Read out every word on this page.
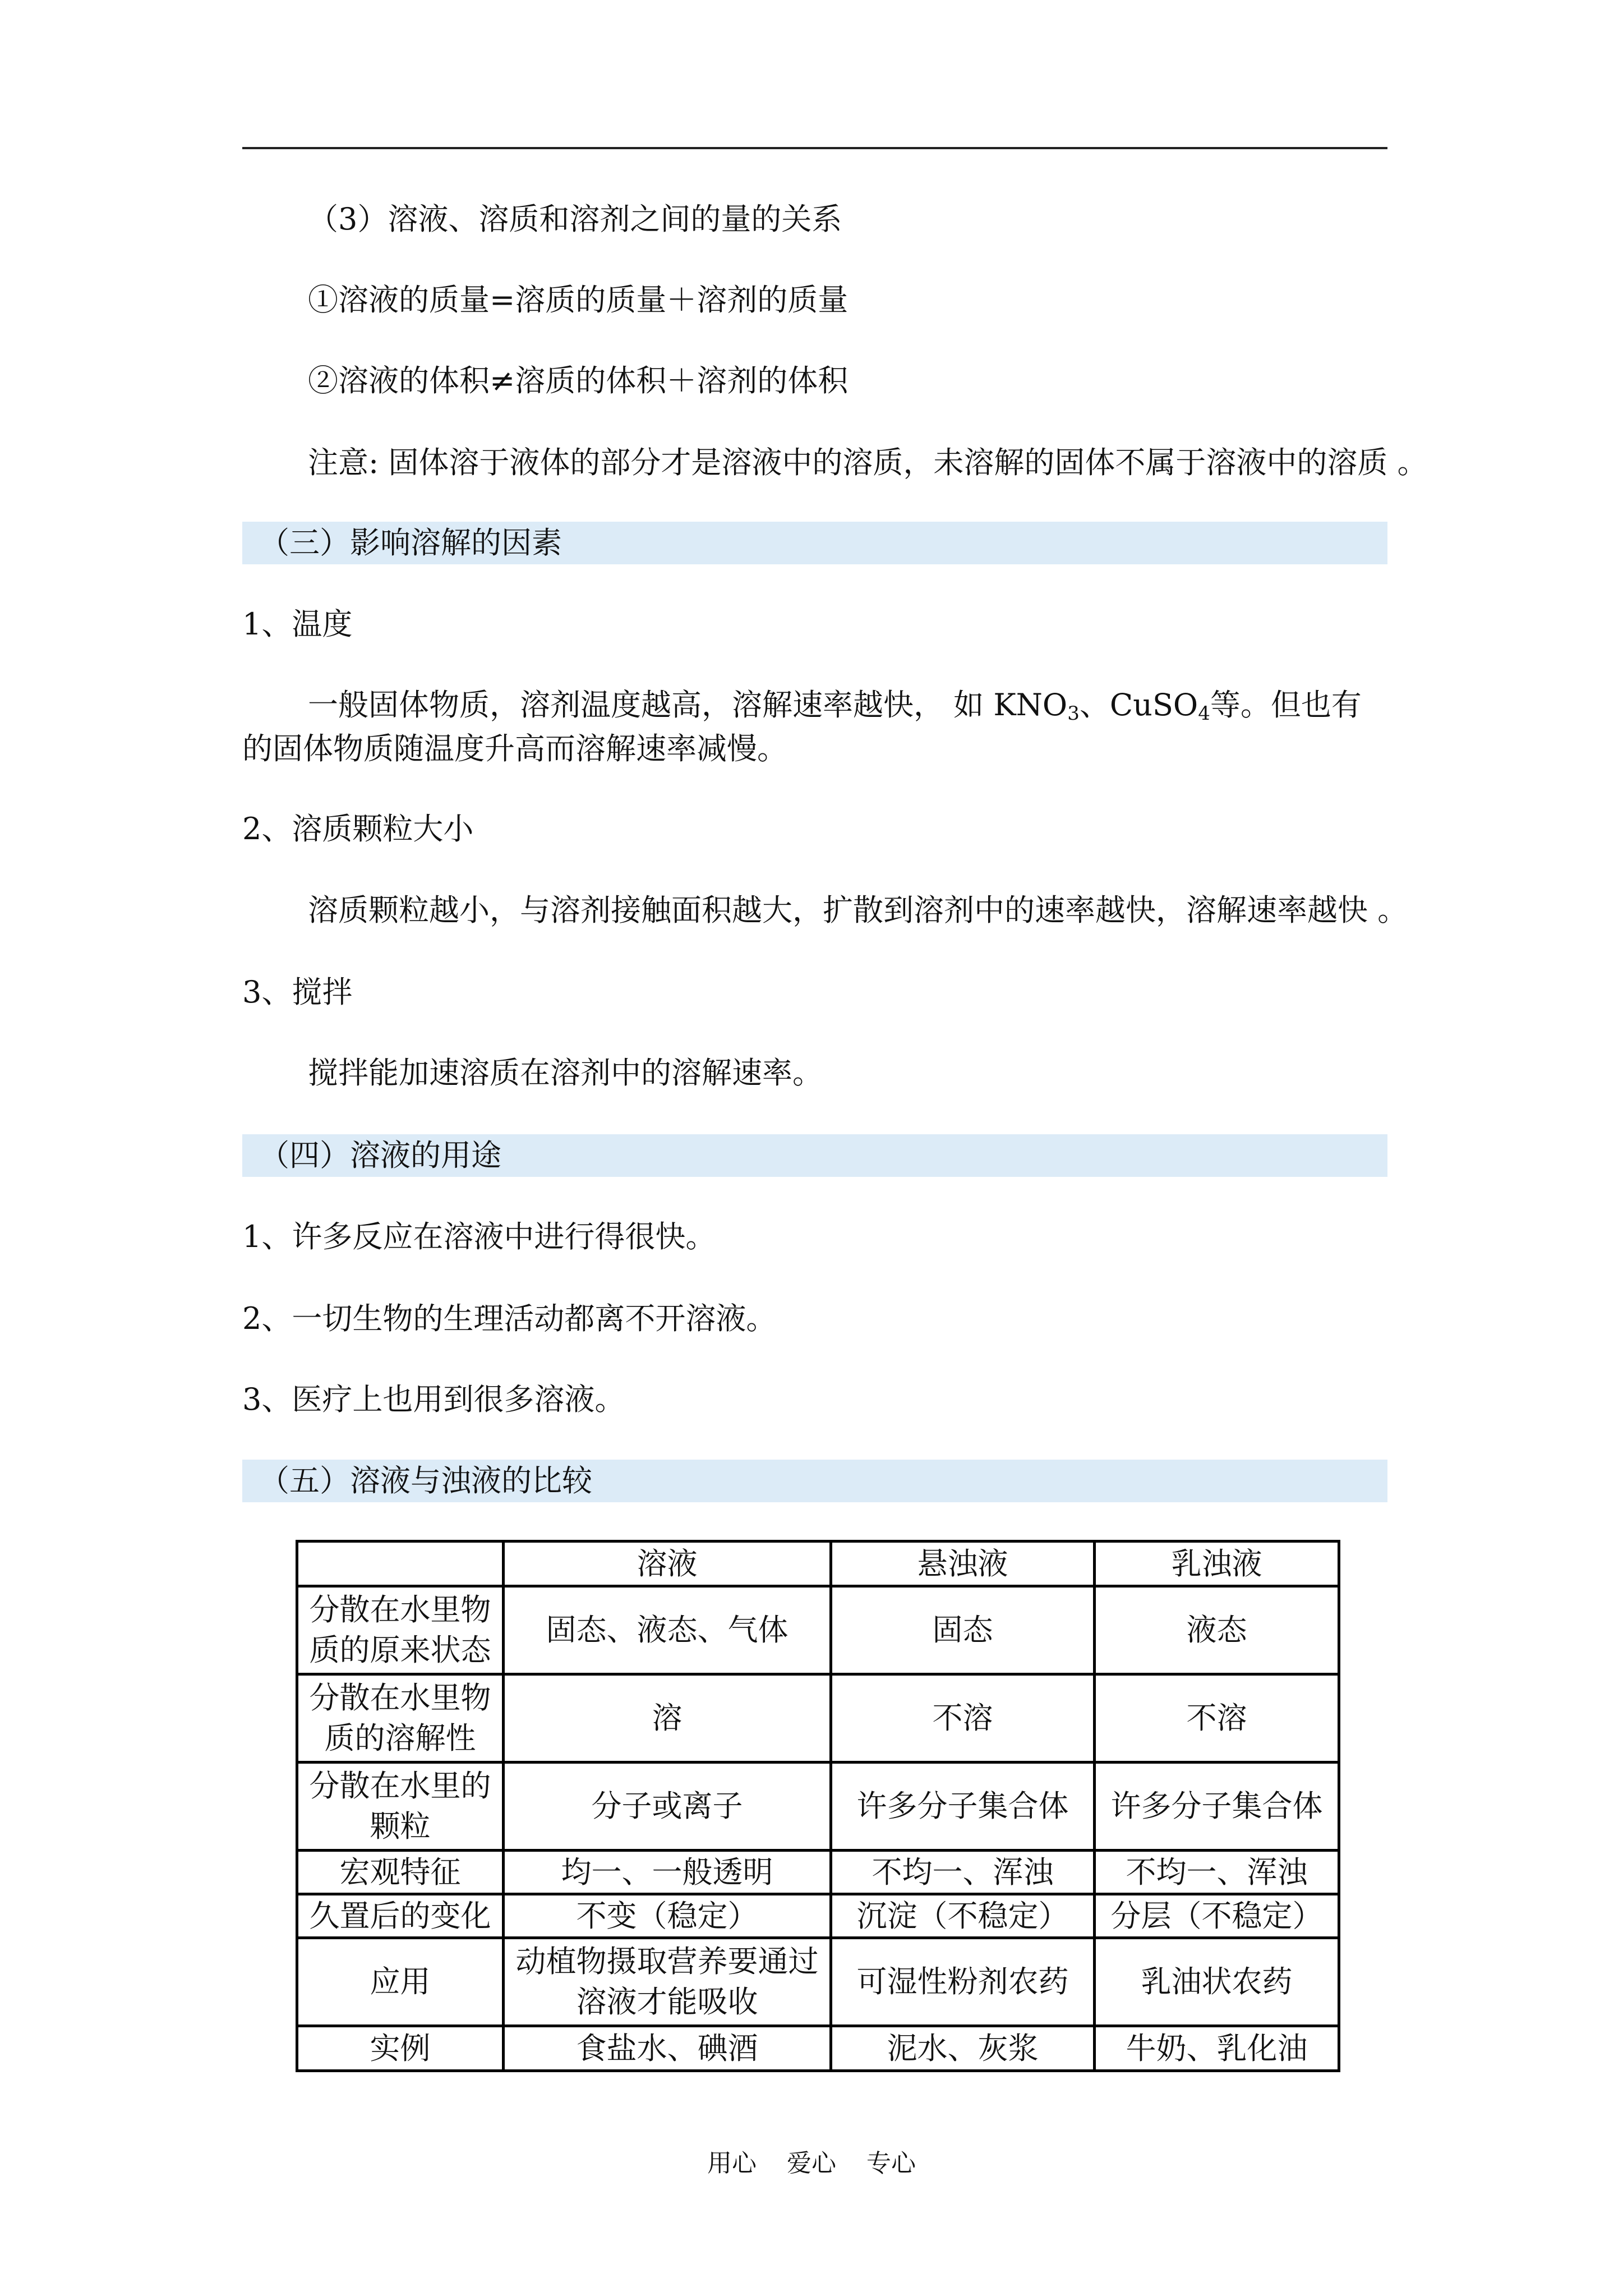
（3）溶液、溶质和溶剂之间的量的关系
①溶液的质量=溶质的质量＋溶剂的质量
②溶液的体积≠溶质的体积＋溶剂的体积
注意: 固体溶于液体的部分才是溶液中的溶质，未溶解的固体不属于溶液中的溶质 。
（三）影响溶解的因素
1、温度
一般固体物质，溶剂温度越高，溶解速率越快， 如 $KNO_3$、CuSO$_4$等。但也有的固体物质随温度升高而溶解速率减慢。
2、溶质颗粒大小
溶质颗粒越小，与溶剂接触面积越大，扩散到溶剂中的速率越快，溶解速率越快 。
3、搅拌
搅拌能加速溶质在溶剂中的溶解速率。
（四）溶液的用途
1、许多反应在溶液中进行得很快。
2、一切生物的生理活动都离不开溶液。
3、医疗上也用到很多溶液。
（五）溶液与浊液的比较
	溶液	悬浊液	乳浊液
分散在水里物质的原来状态	固态、液态、气体	固态	液态
分散在水里物质的溶解性	溶	不溶	不溶
分散在水里的颗粒	分子或离子	许多分子集合体	许多分子集合体
宏观特征	均一、一般透明	不均一、浑浊	不均一、浑浊
久置后的变化	不变（稳定）	沉淀（不稳定）	分层（不稳定）
应用	动植物摄取营养要通过溶液才能吸收	可湿性粉剂农药	乳油状农药
实例	食盐水、碘酒	泥水、灰浆	牛奶、乳化油
用心 爱心 专心
